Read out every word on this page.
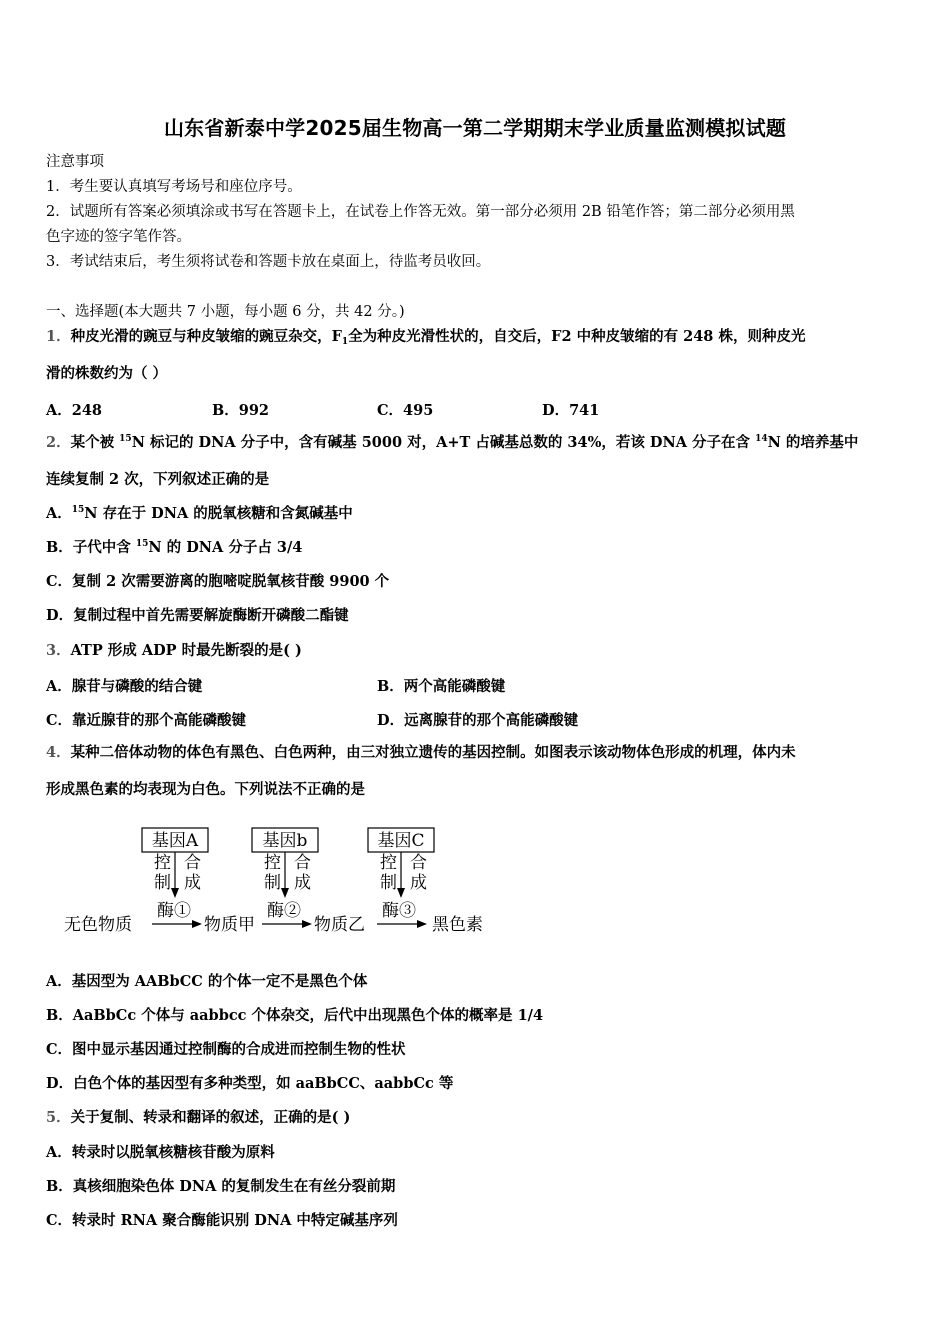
山东省新泰中学2025届生物高一第二学期期末学业质量监测模拟试题
注意事项
1．考生要认真填写考场号和座位序号。
2．试题所有答案必须填涂或书写在答题卡上，在试卷上作答无效。第一部分必须用 2B 铅笔作答；第二部分必须用黑
色字迹的签字笔作答。
3．考试结束后，考生须将试卷和答题卡放在桌面上，待监考员收回。
一、选择题(本大题共 7 小题，每小题 6 分，共 42 分。)
1．种皮光滑的豌豆与种皮皱缩的豌豆杂交，$F_1$全为种皮光滑性状的，自交后，F2 中种皮皱缩的有 248 株，则种皮光
滑的株数约为（ ）
A．248	B．992	C．495	D．741
2．某个被 $^{15}$N 标记的 DNA 分子中，含有碱基 5000 对，A+T 占碱基总数的 34%，若该 DNA 分子在含 $^{14}$N 的培养基中
连续复制 2 次，下列叙述正确的是
A．$^{15}$N 存在于 DNA 的脱氧核糖和含氮碱基中
B．子代中含 $^{15}$N 的 DNA 分子占 3/4
C．复制 2 次需要游离的胞嘧啶脱氧核苷酸 9900 个
D．复制过程中首先需要解旋酶断开磷酸二酯键
3．ATP 形成 ADP 时最先断裂的是( )
A．腺苷与磷酸的结合键	B．两个高能磷酸键
C．靠近腺苷的那个高能磷酸键	D．远离腺苷的那个高能磷酸键
4．某种二倍体动物的体色有黑色、白色两种，由三对独立遗传的基因控制。如图表示该动物体色形成的机理，体内未
形成黑色素的均表现为白色。下列说法不正确的是
基因A	基因b	基因C
控制
合成
控制
合成
控制
合成
无色物质
酶①
物质甲
酶②
物质乙
酶③
黑色素
A．基因型为 AABbCC 的个体一定不是黑色个体
B．AaBbCc 个体与 aabbcc 个体杂交，后代中出现黑色个体的概率是 1/4
C．图中显示基因通过控制酶的合成进而控制生物的性状
D．白色个体的基因型有多种类型，如 aaBbCC、aabbCc 等
5．关于复制、转录和翻译的叙述，正确的是( )
A．转录时以脱氧核糖核苷酸为原料
B．真核细胞染色体 DNA 的复制发生在有丝分裂前期
C．转录时 RNA 聚合酶能识别 DNA 中特定碱基序列
